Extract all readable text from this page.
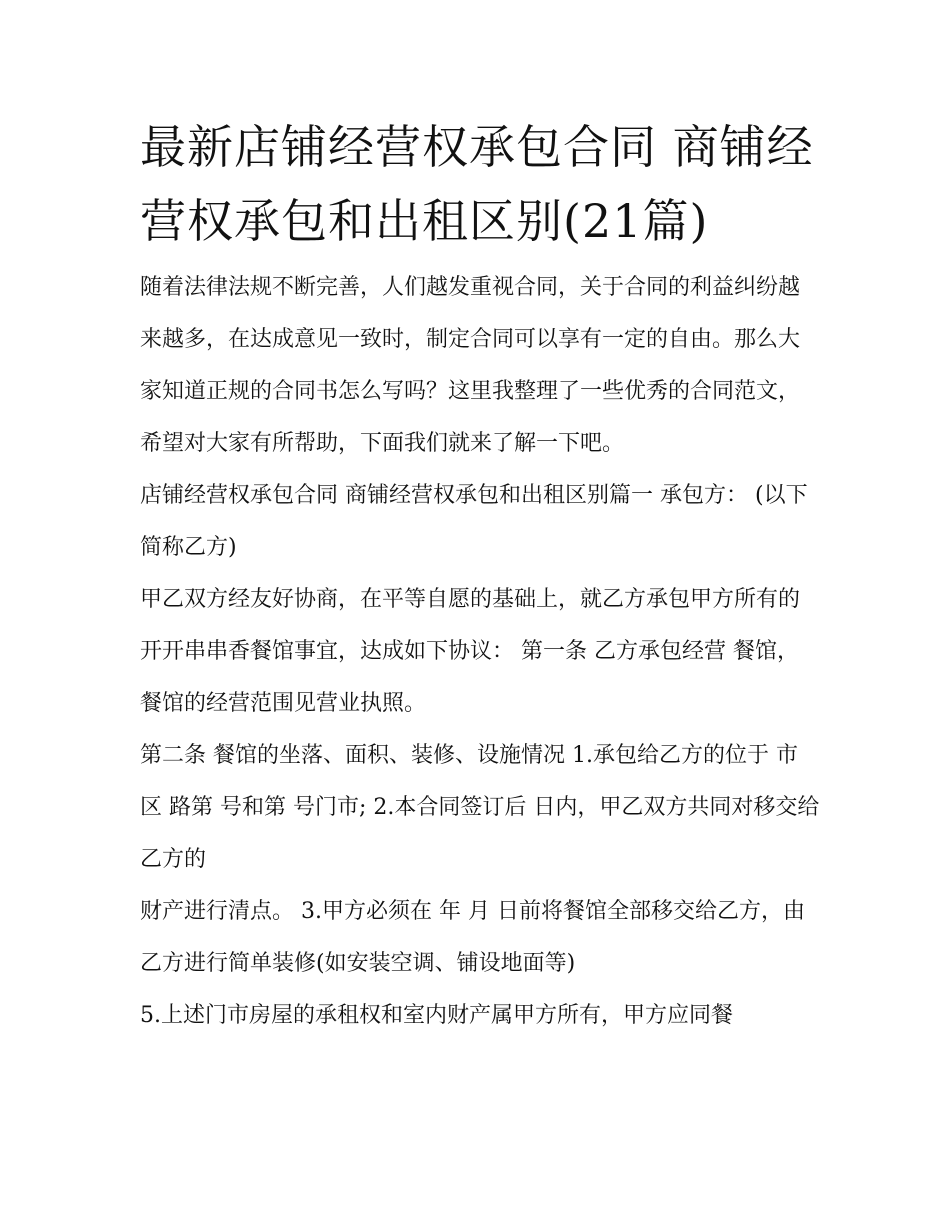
最新店铺经营权承包合同 商铺经营权承包和出租区别(21篇)

随着法律法规不断完善，人们越发重视合同，关于合同的利益纠纷越来越多，在达成意见一致时，制定合同可以享有一定的自由。那么大家知道正规的合同书怎么写吗？这里我整理了一些优秀的合同范文，希望对大家有所帮助，下面我们就来了解一下吧。

店铺经营权承包合同 商铺经营权承包和出租区别篇一 承包方： (以下简称乙方)

甲乙双方经友好协商，在平等自愿的基础上，就乙方承包甲方所有的开开串串香餐馆事宜，达成如下协议： 第一条 乙方承包经营 餐馆， 餐馆的经营范围见营业执照。

第二条 餐馆的坐落、面积、装修、设施情况 1.承包给乙方的位于 市 区 路第 号和第 号门市; 2.本合同签订后 日内，甲乙双方共同对移交给乙方的

财产进行清点。 3.甲方必须在 年 月 日前将餐馆全部移交给乙方，由乙方进行简单装修(如安装空调、铺设地面等)

5.上述门市房屋的承租权和室内财产属甲方所有，甲方应同餐
